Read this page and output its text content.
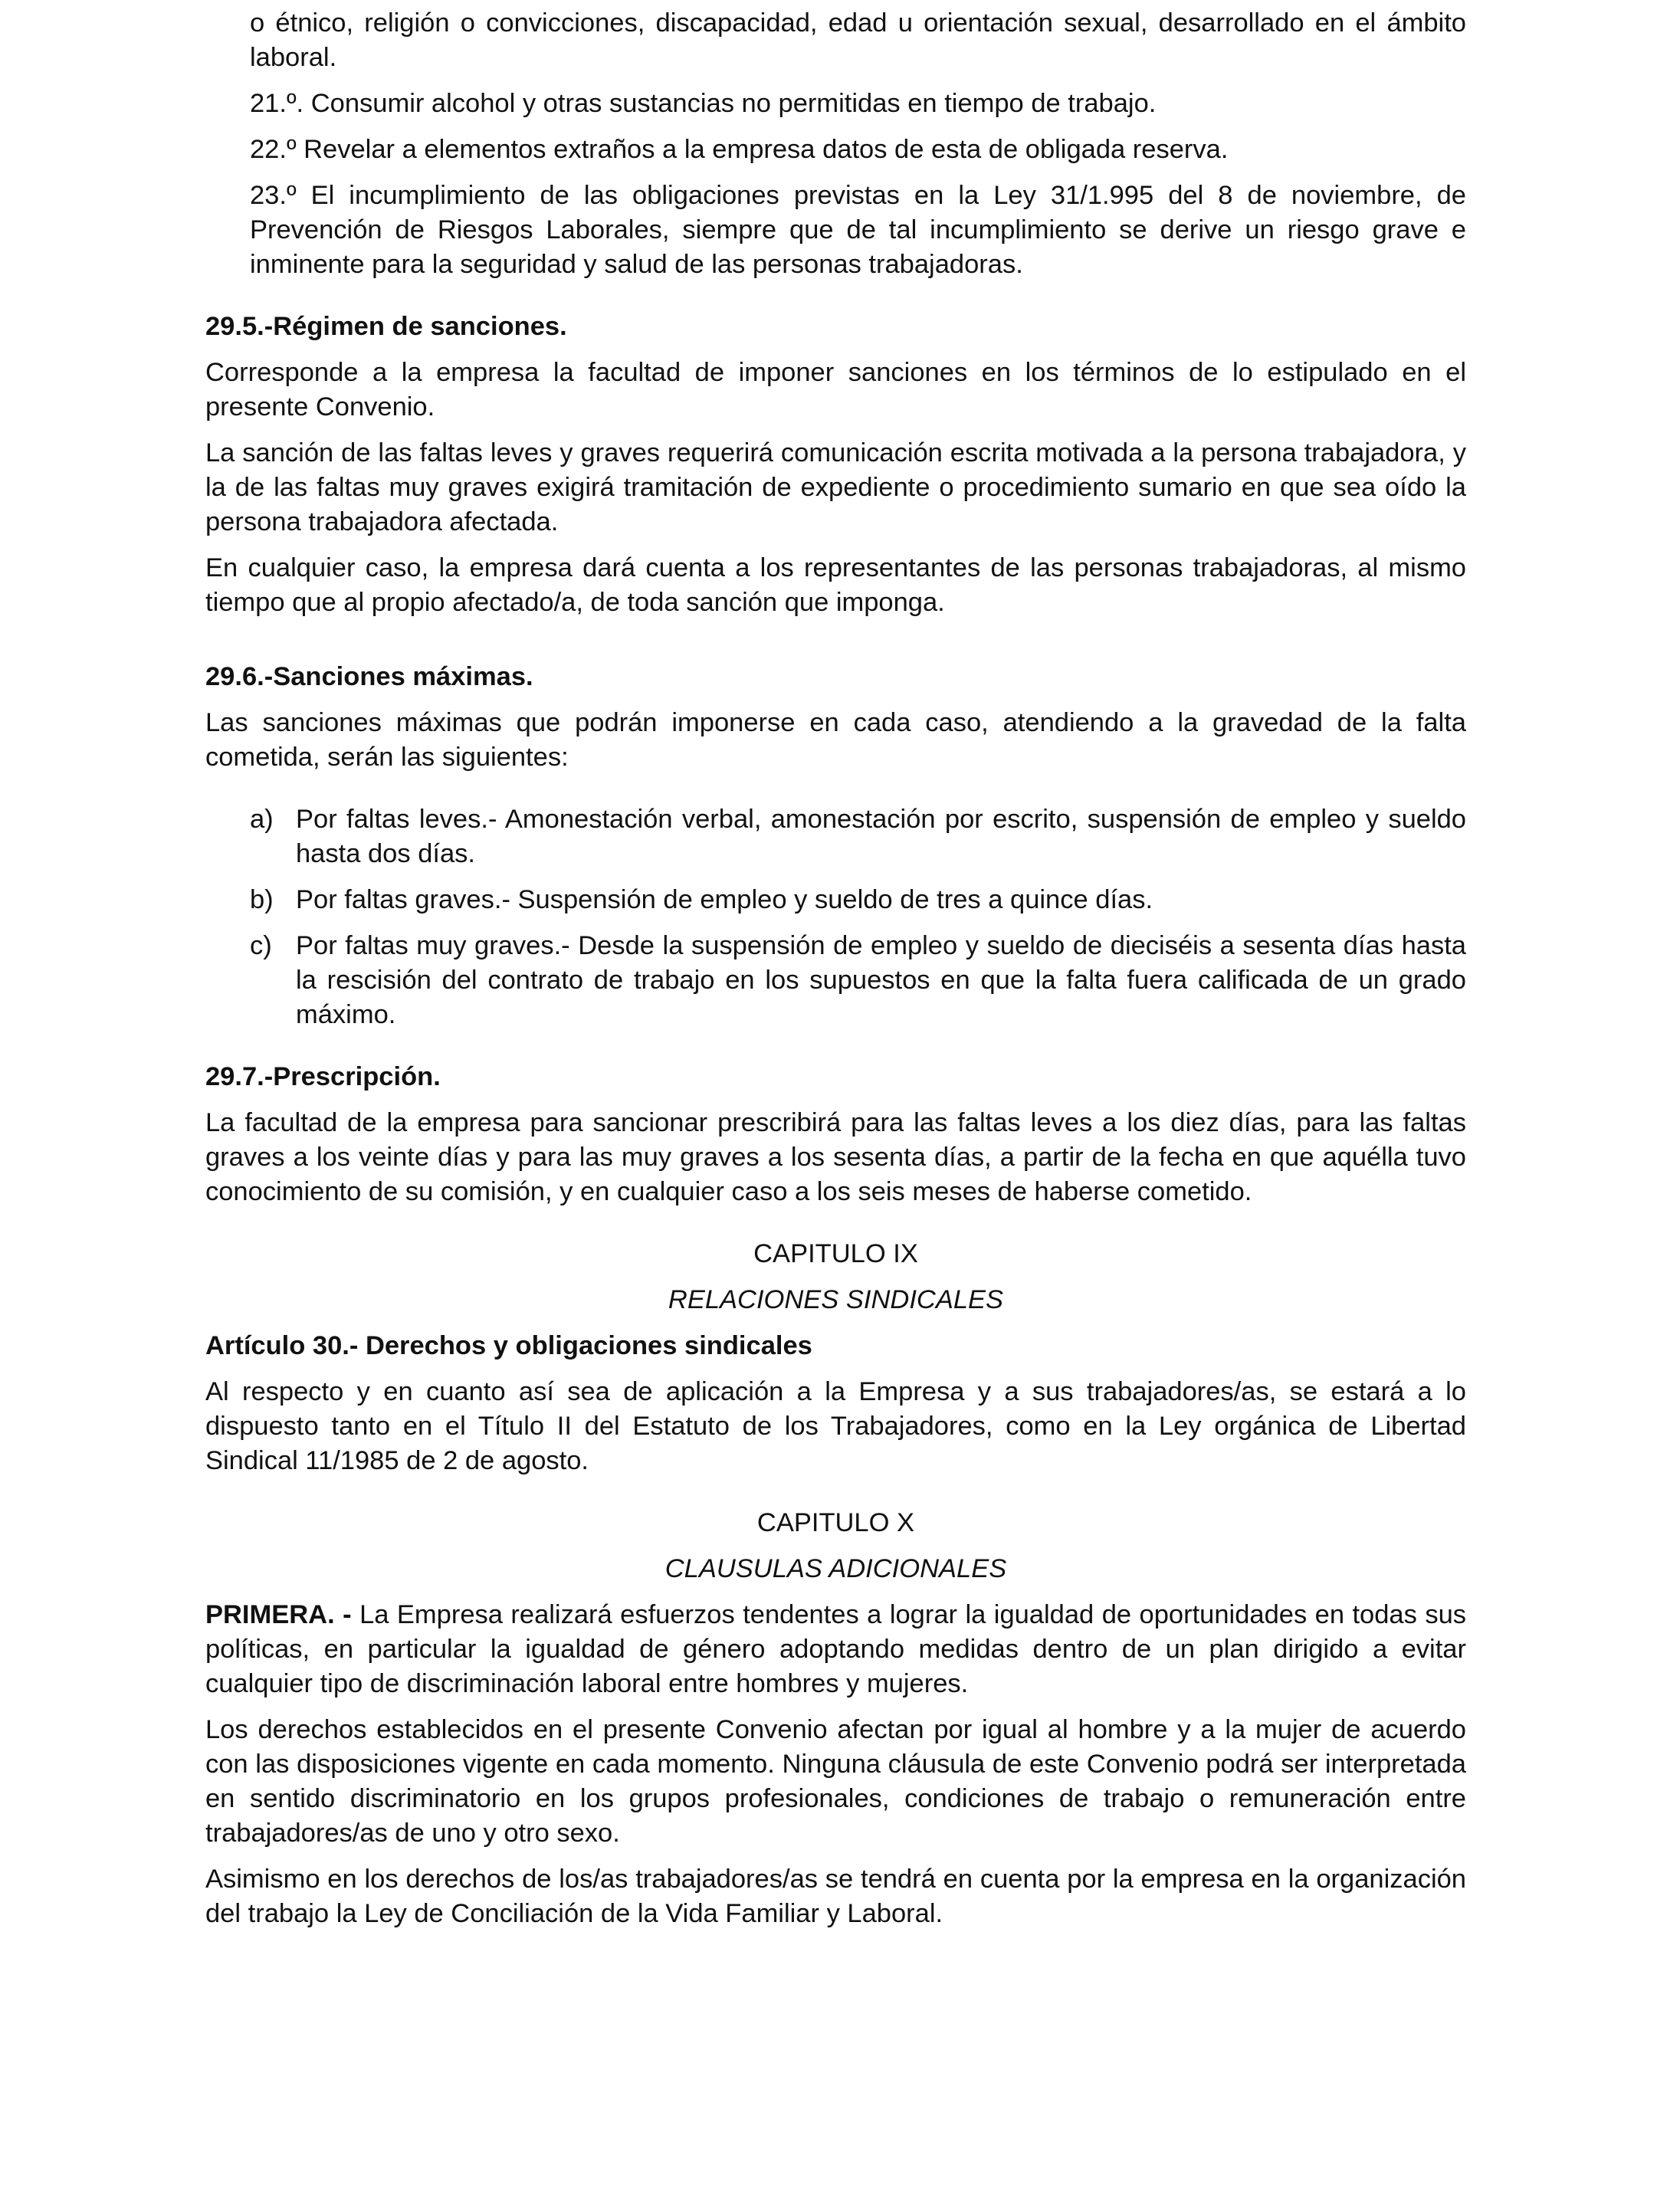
o étnico, religión o convicciones, discapacidad, edad u orientación sexual, desarrollado en el ámbito laboral.

21.º. Consumir alcohol y otras sustancias no permitidas en tiempo de trabajo.

22.º Revelar a elementos extraños a la empresa datos de esta de obligada reserva.

23.º El incumplimiento de las obligaciones previstas en la Ley 31/1.995 del 8 de noviembre, de Prevención de Riesgos Laborales, siempre que de tal incumplimiento se derive un riesgo grave e inminente para la seguridad y salud de las personas trabajadoras.

29.5.-Régimen de sanciones.

Corresponde a la empresa la facultad de imponer sanciones en los términos de lo estipulado en el presente Convenio.

La sanción de las faltas leves y graves requerirá comunicación escrita motivada a la persona trabajadora, y la de las faltas muy graves exigirá tramitación de expediente o procedimiento sumario en que sea oído la persona trabajadora afectada.

En cualquier caso, la empresa dará cuenta a los representantes de las personas trabajadoras, al mismo tiempo que al propio afectado/a, de toda sanción que imponga.

29.6.-Sanciones máximas.

Las sanciones máximas que podrán imponerse en cada caso, atendiendo a la gravedad de la falta cometida, serán las siguientes:

a) Por faltas leves.- Amonestación verbal, amonestación por escrito, suspensión de empleo y sueldo hasta dos días.
b) Por faltas graves.- Suspensión de empleo y sueldo de tres a quince días.
c) Por faltas muy graves.- Desde la suspensión de empleo y sueldo de dieciséis a sesenta días hasta la rescisión del contrato de trabajo en los supuestos en que la falta fuera calificada de un grado máximo.

29.7.-Prescripción.

La facultad de la empresa para sancionar prescribirá para las faltas leves a los diez días, para las faltas graves a los veinte días y para las muy graves a los sesenta días, a partir de la fecha en que aquélla tuvo conocimiento de su comisión, y en cualquier caso a los seis meses de haberse cometido.

CAPITULO IX

RELACIONES SINDICALES

Artículo 30.- Derechos y obligaciones sindicales

Al respecto y en cuanto así sea de aplicación a la Empresa y a sus trabajadores/as, se estará a lo dispuesto tanto en el Título II del Estatuto de los Trabajadores, como en la Ley orgánica de Libertad Sindical 11/1985 de 2 de agosto.

CAPITULO X

CLAUSULAS ADICIONALES

PRIMERA. - La Empresa realizará esfuerzos tendentes a lograr la igualdad de oportunidades en todas sus políticas, en particular la igualdad de género adoptando medidas dentro de un plan dirigido a evitar cualquier tipo de discriminación laboral entre hombres y mujeres.

Los derechos establecidos en el presente Convenio afectan por igual al hombre y a la mujer de acuerdo con las disposiciones vigente en cada momento. Ninguna cláusula de este Convenio podrá ser interpretada en sentido discriminatorio en los grupos profesionales, condiciones de trabajo o remuneración entre trabajadores/as de uno y otro sexo.

Asimismo en los derechos de los/as trabajadores/as se tendrá en cuenta por la empresa en la organización del trabajo la Ley de Conciliación de la Vida Familiar y Laboral.
